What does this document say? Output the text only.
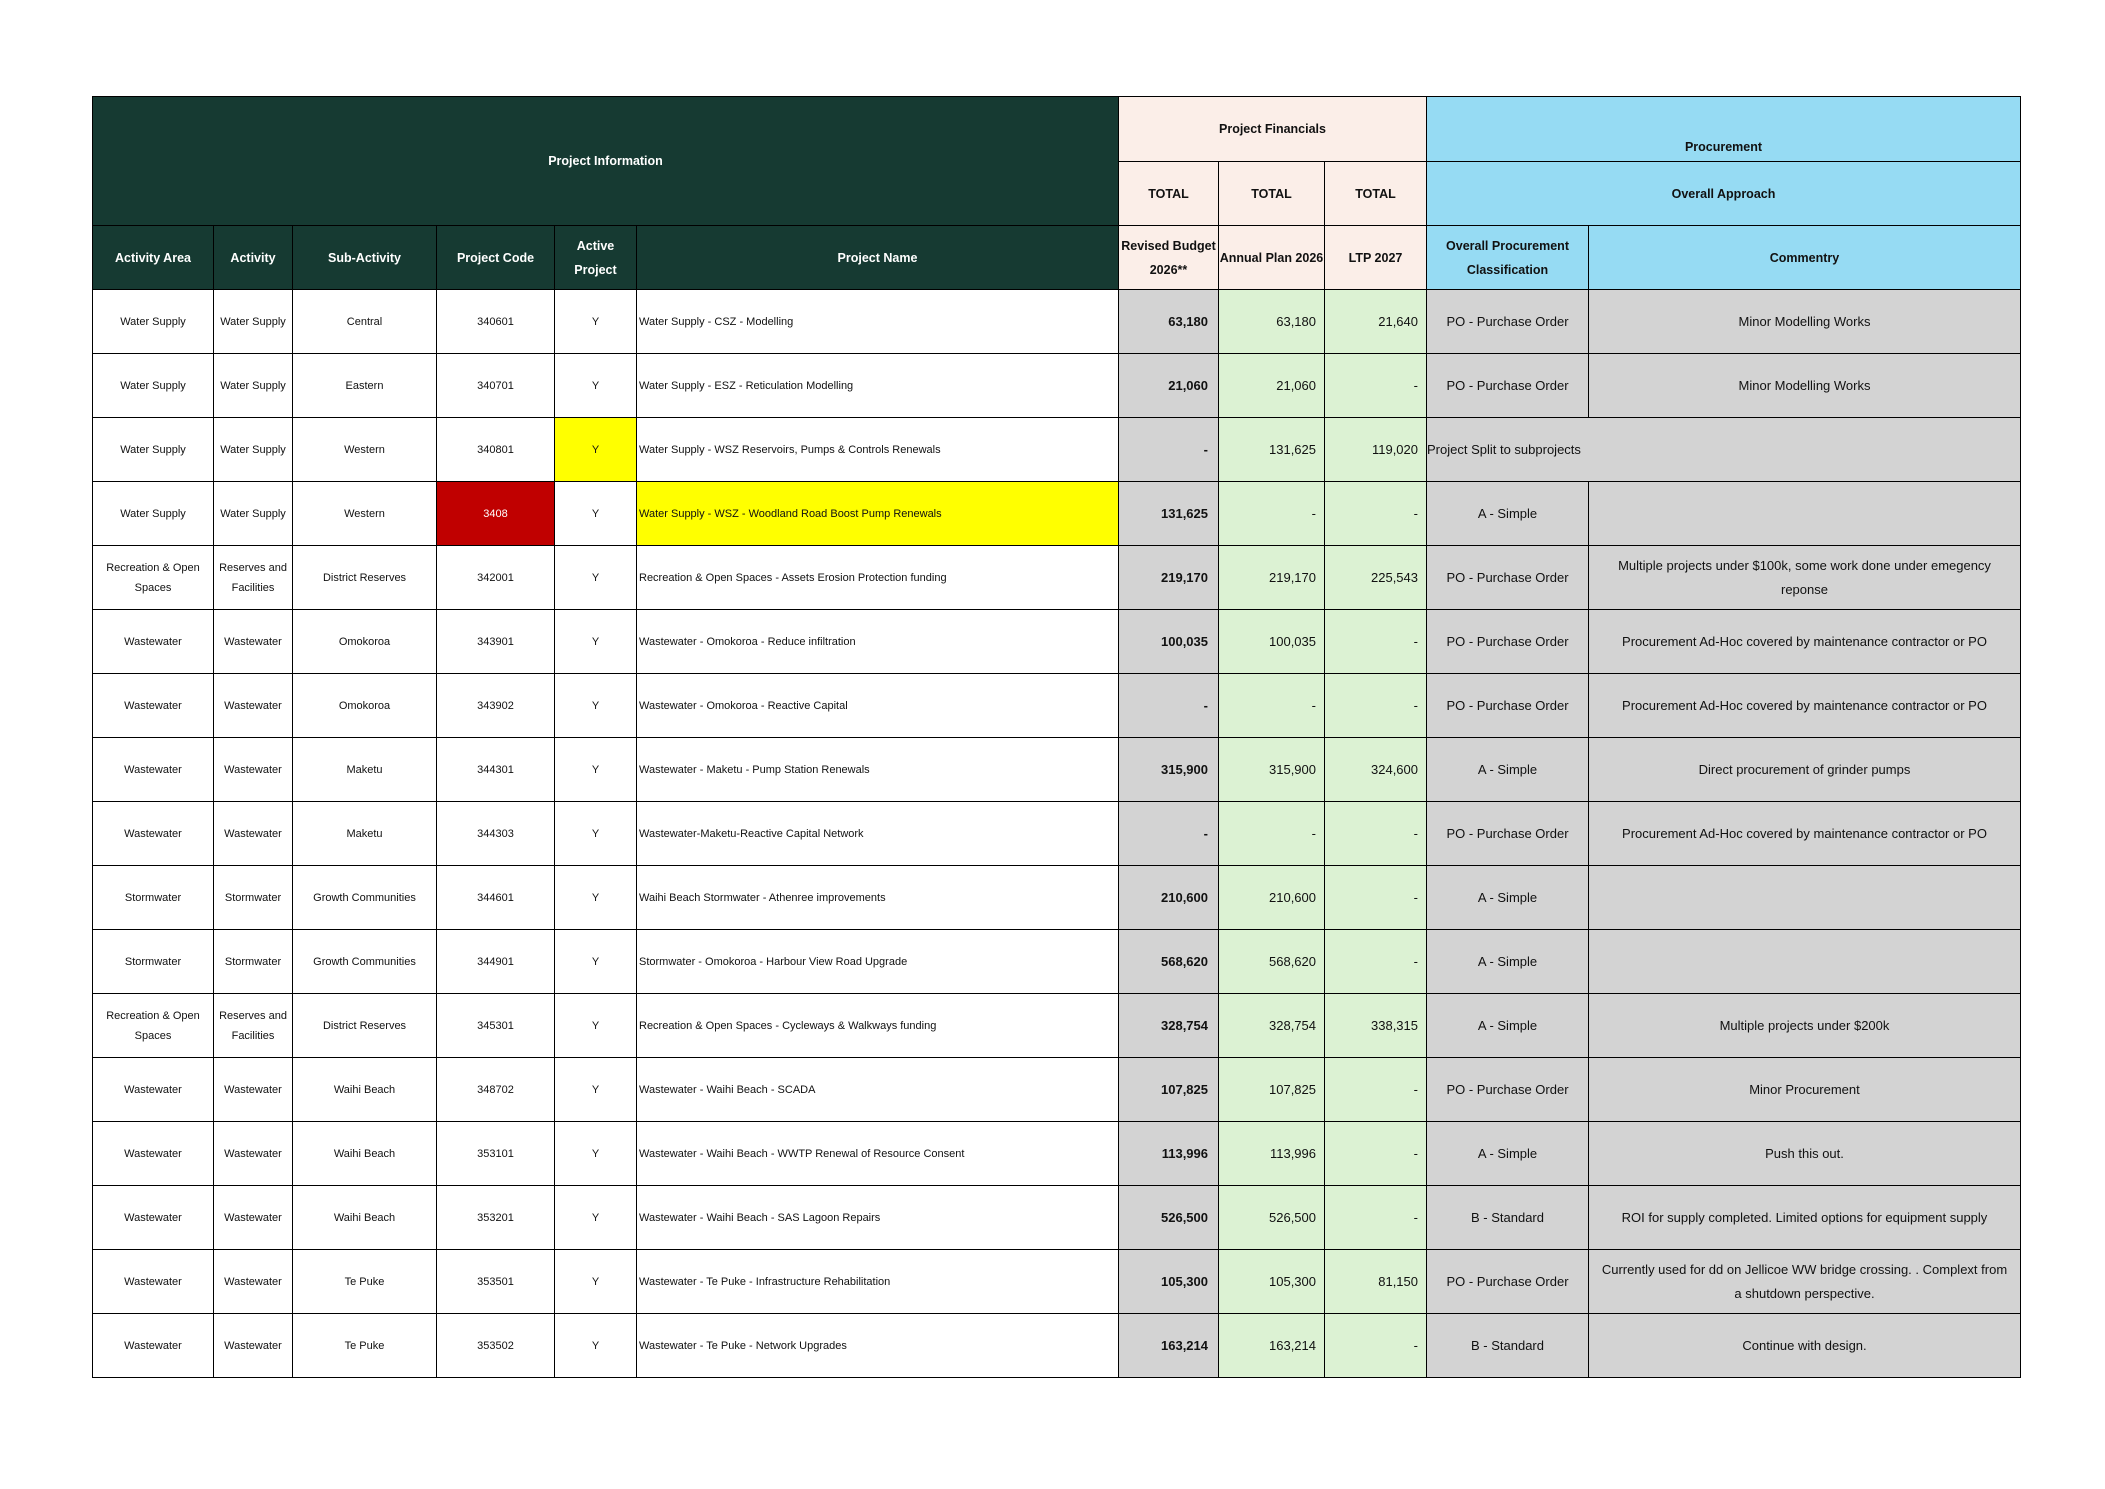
Project Information						Project Financials			Procurement	
						TOTAL	TOTAL	TOTAL	Overall Approach	
Activity Area	Activity	Sub-Activity	Project Code	Active Project	Project Name	Revised Budget 2026**	Annual Plan 2026	LTP 2027	Overall Procurement Classification	Commentry
Water Supply	Water Supply	Central	340601	Y	Water Supply - CSZ - Modelling	63,180	63,180	21,640	PO - Purchase Order	Minor Modelling Works
Water Supply	Water Supply	Eastern	340701	Y	Water Supply - ESZ - Reticulation Modelling	21,060	21,060	-	PO - Purchase Order	Minor Modelling Works
Water Supply	Water Supply	Western	340801	Y	Water Supply - WSZ Reservoirs, Pumps & Controls Renewals	-	131,625	119,020	Project Split to subprojects	
Water Supply	Water Supply	Western	3408	Y	Water Supply - WSZ - Woodland Road Boost Pump Renewals	131,625	-	-	A - Simple	
Recreation & Open Spaces	Reserves and Facilities	District Reserves	342001	Y	Recreation & Open Spaces - Assets Erosion Protection funding	219,170	219,170	225,543	PO - Purchase Order	Multiple projects under $100k, some work done under emegency reponse
Wastewater	Wastewater	Omokoroa	343901	Y	Wastewater - Omokoroa - Reduce infiltration	100,035	100,035	-	PO - Purchase Order	Procurement Ad-Hoc covered by maintenance contractor or PO
Wastewater	Wastewater	Omokoroa	343902	Y	Wastewater - Omokoroa - Reactive Capital	-	-	-	PO - Purchase Order	Procurement Ad-Hoc covered by maintenance contractor or PO
Wastewater	Wastewater	Maketu	344301	Y	Wastewater - Maketu - Pump Station Renewals	315,900	315,900	324,600	A - Simple	Direct procurement of grinder pumps
Wastewater	Wastewater	Maketu	344303	Y	Wastewater-Maketu-Reactive Capital Network	-	-	-	PO - Purchase Order	Procurement Ad-Hoc covered by maintenance contractor or PO
Stormwater	Stormwater	Growth Communities	344601	Y	Waihi Beach Stormwater - Athenree improvements	210,600	210,600	-	A - Simple	
Stormwater	Stormwater	Growth Communities	344901	Y	Stormwater - Omokoroa - Harbour View Road Upgrade	568,620	568,620	-	A - Simple	
Recreation & Open Spaces	Reserves and Facilities	District Reserves	345301	Y	Recreation & Open Spaces - Cycleways & Walkways funding	328,754	328,754	338,315	A - Simple	Multiple projects under $200k
Wastewater	Wastewater	Waihi Beach	348702	Y	Wastewater - Waihi Beach - SCADA	107,825	107,825	-	PO - Purchase Order	Minor Procurement
Wastewater	Wastewater	Waihi Beach	353101	Y	Wastewater - Waihi Beach - WWTP Renewal of Resource Consent	113,996	113,996	-	A - Simple	Push this out.
Wastewater	Wastewater	Waihi Beach	353201	Y	Wastewater - Waihi Beach - SAS Lagoon Repairs	526,500	526,500	-	B - Standard	ROI for supply completed. Limited options for equipment supply
Wastewater	Wastewater	Te Puke	353501	Y	Wastewater - Te Puke - Infrastructure Rehabilitation	105,300	105,300	81,150	PO - Purchase Order	Currently used for dd on Jellicoe WW bridge crossing. . Complext from a shutdown perspective.
Wastewater	Wastewater	Te Puke	353502	Y	Wastewater - Te Puke - Network Upgrades	163,214	163,214	-	B - Standard	Continue with design.
